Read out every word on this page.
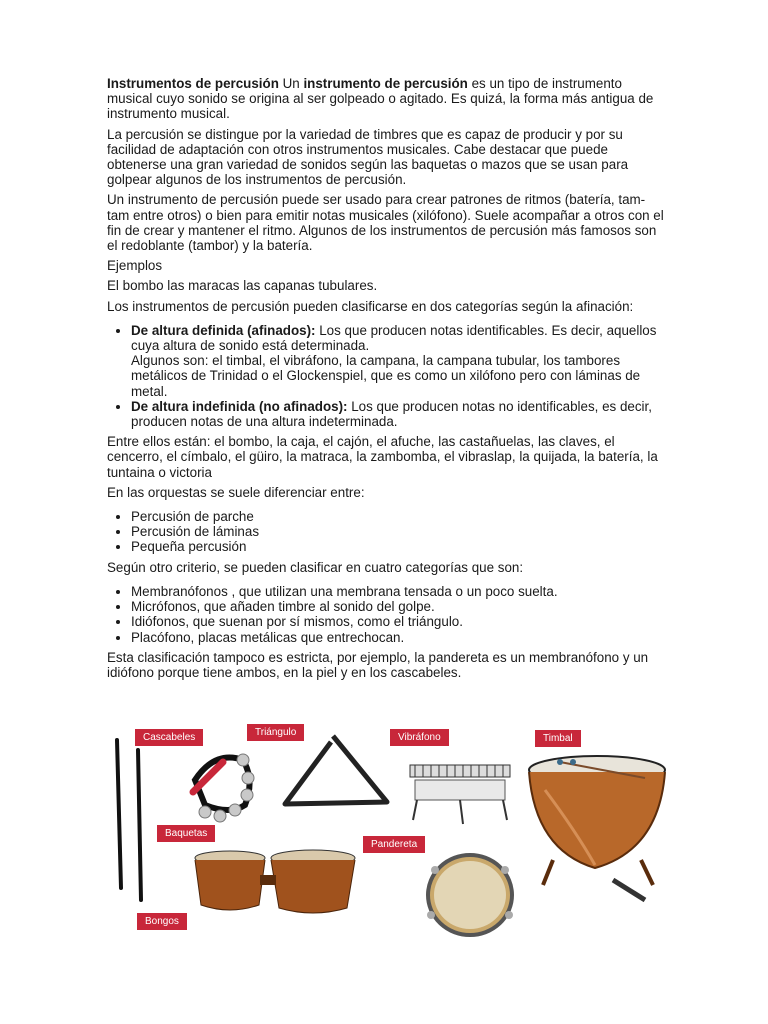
Instrumentos de percusión Un instrumento de percusión es un tipo de instrumento musical cuyo sonido se origina al ser golpeado o agitado. Es quizá, la forma más antigua de instrumento musical.

La percusión se distingue por la variedad de timbres que es capaz de producir y por su facilidad de adaptación con otros instrumentos musicales. Cabe destacar que puede obtenerse una gran variedad de sonidos según las baquetas o mazos que se usan para golpear algunos de los instrumentos de percusión.

Un instrumento de percusión puede ser usado para crear patrones de ritmos (batería, tam-tam entre otros) o bien para emitir notas musicales (xilófono). Suele acompañar a otros con el fin de crear y mantener el ritmo. Algunos de los instrumentos de percusión más famosos son el redoblante (tambor) y la batería.

Ejemplos

El bombo las maracas las capanas tubulares.

Los instrumentos de percusión pueden clasificarse en dos categorías según la afinación:

• De altura definida (afinados): Los que producen notas identificables. Es decir, aquellos cuya altura de sonido está determinada.
Algunos son: el timbal, el vibráfono, la campana, la campana tubular, los tambores metálicos de Trinidad o el Glockenspiel, que es como un xilófono pero con láminas de metal.
• De altura indefinida (no afinados): Los que producen notas no identificables, es decir, producen notas de una altura indeterminada.

Entre ellos están: el bombo, la caja, el cajón, el afuche, las castañuelas, las claves, el cencerro, el címbalo, el güiro, la matraca, la zambomba, el vibraslap, la quijada, la batería, la tuntaina o victoria

En las orquestas se suele diferenciar entre:

• Percusión de parche
• Percusión de láminas
• Pequeña percusión

Según otro criterio, se pueden clasificar en cuatro categorías que son:

• Membranófonos , que utilizan una membrana tensada o un poco suelta.
• Micrófonos, que añaden timbre al sonido del golpe.
• Idiófonos, que suenan por sí mismos, como el triángulo.
• Placófono, placas metálicas que entrechocan.

Esta clasificación tampoco es estricta, por ejemplo, la pandereta es un membranófono y un idiófono porque tiene ambos, en la piel y en los cascabeles.

Cascabeles	Triángulo	Vibráfono	Timbal
Baquetas
Pandereta
Bongos
